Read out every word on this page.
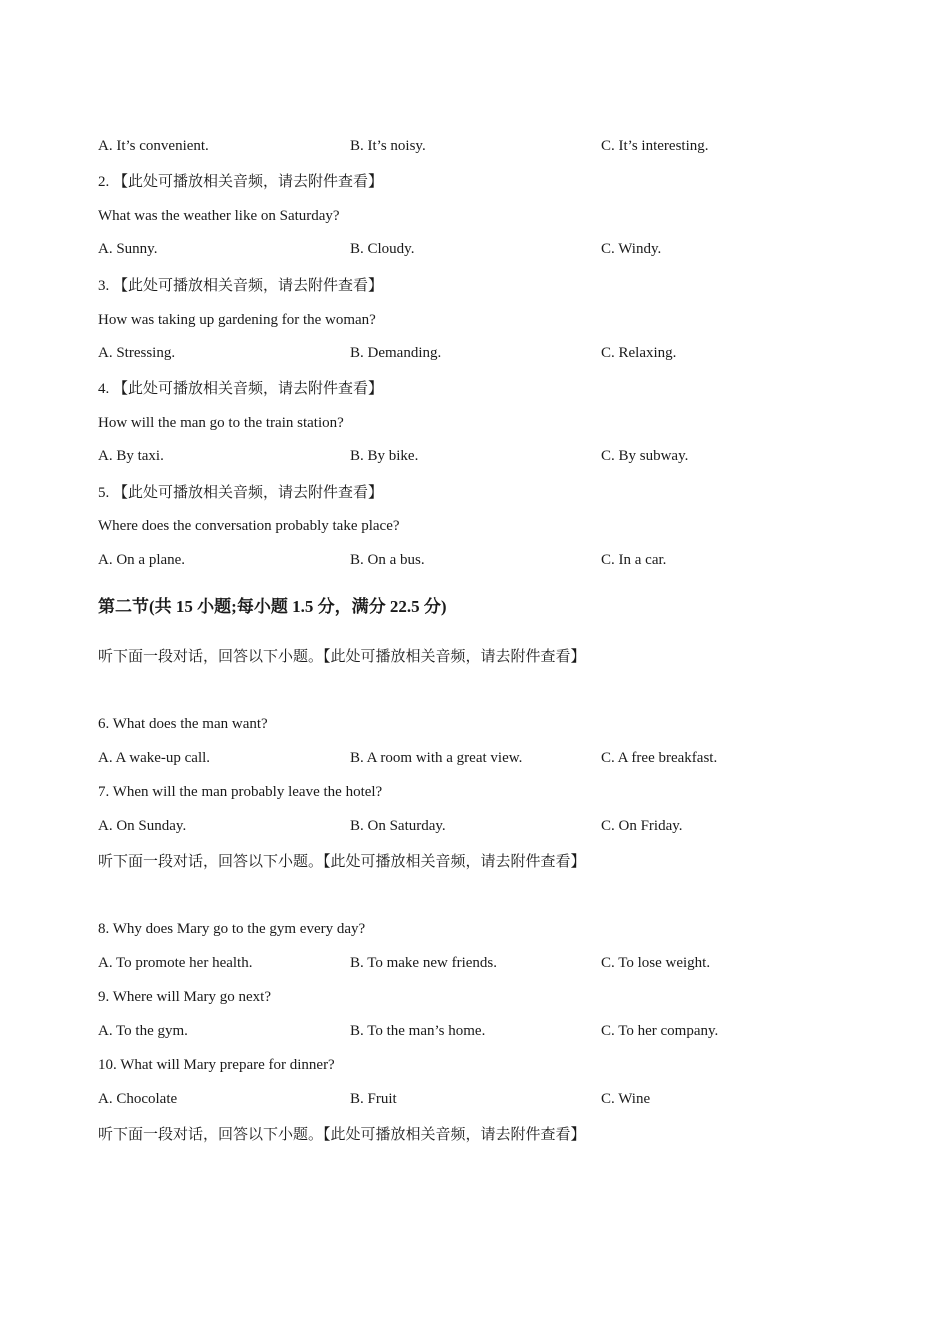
A. It’s convenient.	B. It’s noisy.	C. It’s interesting.
2. 【此处可播放相关音频，请去附件查看】
What was the weather like on Saturday?
A. Sunny.	B. Cloudy.	C. Windy.
3. 【此处可播放相关音频，请去附件查看】
How was taking up gardening for the woman?
A. Stressing.	B. Demanding.	C. Relaxing.
4. 【此处可播放相关音频，请去附件查看】
How will the man go to the train station?
A. By taxi.	B. By bike.	C. By subway.
5. 【此处可播放相关音频，请去附件查看】
Where does the conversation probably take place?
A. On a plane.	B. On a bus.	C. In a car.
第二节(共 15 小题;每小题 1.5 分，满分 22.5 分)
听下面一段对话，回答以下小题。【此处可播放相关音频，请去附件查看】
6. What does the man want?
A. A wake-up call.	B. A room with a great view.	C. A free breakfast.
7. When will the man probably leave the hotel?
A. On Sunday.	B. On Saturday.	C. On Friday.
听下面一段对话，回答以下小题。【此处可播放相关音频，请去附件查看】
8. Why does Mary go to the gym every day?
A. To promote her health.	B. To make new friends.	C. To lose weight.
9. Where will Mary go next?
A. To the gym.	B. To the man’s home.	C. To her company.
10. What will Mary prepare for dinner?
A. Chocolate	B. Fruit	C. Wine
听下面一段对话，回答以下小题。【此处可播放相关音频，请去附件查看】
